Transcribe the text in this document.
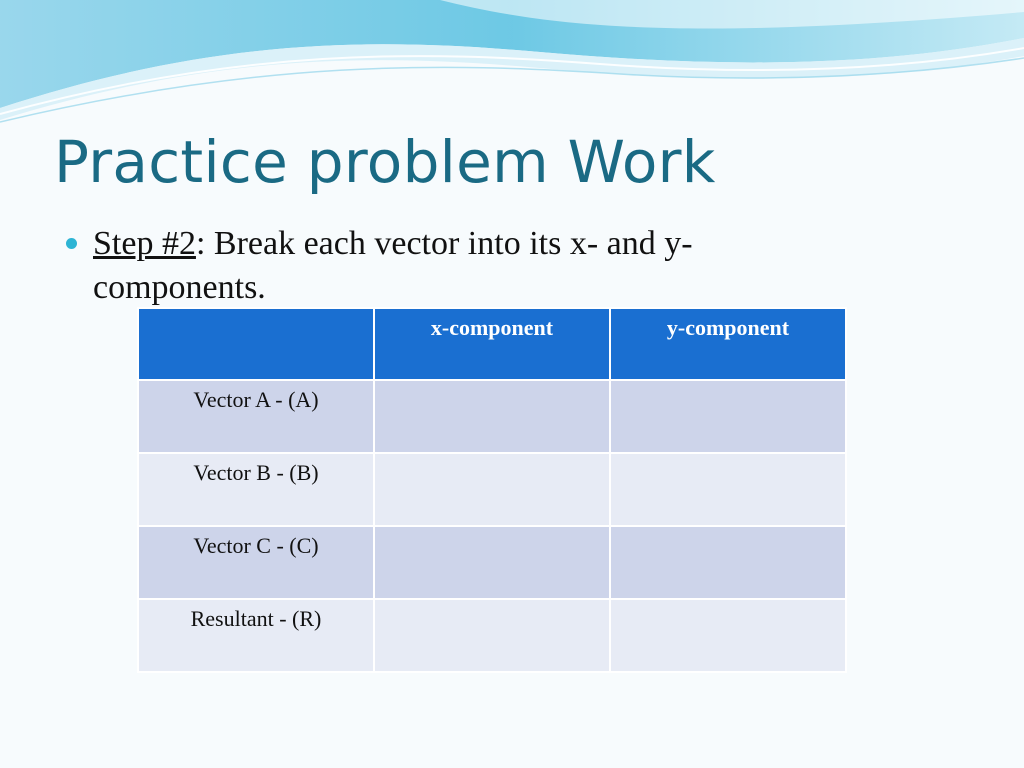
Practice problem Work
Step #2: Break each vector into its x- and y-components.
	x-component	y-component
Vector A - (A)		
Vector B - (B)		
Vector C - (C)		
Resultant - (R)		
